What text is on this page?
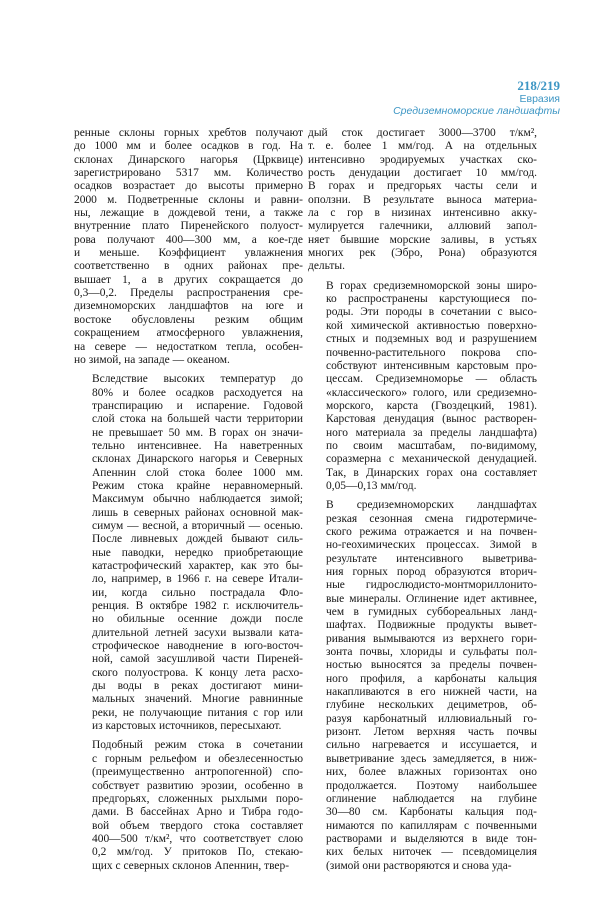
218/219
Евразия
Средиземноморские ландшафты

ренные склоны горных хребтов получают
до 1000 мм и более осадков в год. На
склонах Динарского нагорья (Црквице)
зарегистрировано 5317 мм. Количество
осадков возрастает до высоты примерно
2000 м. Подветренные склоны и равни-
ны, лежащие в дождевой тени, а также
внутренние плато Пиренейского полуост-
рова получают 400—300 мм, а кое-где
и меньше. Коэффициент увлажнения
соответственно в одних районах пре-
вышает 1, а в других сокращается до
0,3—0,2. Пределы распространения сре-
диземноморских ландшафтов на юге и
востоке обусловлены резким общим
сокращением атмосферного увлажнения,
на севере — недостатком тепла, особен-
но зимой, на западе — океаном.

Вследствие высоких температур до
80% и более осадков расходуется на
транспирацию и испарение. Годовой
слой стока на большей части территории
не превышает 50 мм. В горах он значи-
тельно интенсивнее. На наветренных
склонах Динарского нагорья и Северных
Апеннин слой стока более 1000 мм.
Режим стока крайне неравномерный.
Максимум обычно наблюдается зимой;
лишь в северных районах основной мак-
симум — весной, а вторичный — осенью.
После ливневых дождей бывают силь-
ные паводки, нередко приобретающие
катастрофический характер, как это бы-
ло, например, в 1966 г. на севере Итали-
ии, когда сильно пострадала Фло-
ренция. В октябре 1982 г. исключитель-
но обильные осенние дожди после
длительной летней засухи вызвали ката-
строфическое наводнение в юго-восточ-
ной, самой засушливой части Пиреней-
ского полуострова. К концу лета расхо-
ды воды в реках достигают мини-
мальных значений. Многие равнинные
реки, не получающие питания с гор или
из карстовых источников, пересыхают.

Подобный режим стока в сочетании
с горным рельефом и обезлесенностью
(преимущественно антропогенной) спо-
собствует развитию эрозии, особенно в
предгорьях, сложенных рыхлыми поро-
дами. В бассейнах Арно и Тибра годо-
вой объем твердого стока составляет
400—500 т/км², что соответствует слою
0,2 мм/год. У притоков По, стекаю-
щих с северных склонов Апеннин, твер-

дый сток достигает 3000—3700 т/км²,
т. е. более 1 мм/год. А на отдельных
интенсивно эродируемых участках ско-
рость денудации достигает 10 мм/год.
В горах и предгорьях часты сели и
оползни. В результате выноса материа-
ла с гор в низинах интенсивно акку-
мулируется галечники, аллювий запол-
няет бывшие морские заливы, в устьях
многих рек (Эбро, Рона) образуются
дельты.

В горах средиземноморской зоны широ-
ко распространены карстующиеся по-
роды. Эти породы в сочетании с высо-
кой химической активностью поверхно-
стных и подземных вод и разрушением
почвенно-растительного покрова спо-
собствуют интенсивным карстовым про-
цессам. Средиземноморье — область
«классического» голого, или средиземно-
морского, карста (Гвоздецкий, 1981).
Карстовая денудация (вынос растворен-
ного материала за пределы ландшафта)
по своим масштабам, по-видимому,
соразмерна с механической денудацией.
Так, в Динарских горах она составляет
0,05—0,13 мм/год.

В средиземноморских ландшафтах
резкая сезонная смена гидротермиче-
ского режима отражается и на почвен-
но-геохимических процессах. Зимой в
результате интенсивного выветрива-
ния горных пород образуются вторич-
ные гидрослюдисто-монтмориллонито-
вые минералы. Оглинение идет активнее,
чем в гумидных суббореальных ланд-
шафтах. Подвижные продукты вывет-
ривания вымываются из верхнего гори-
зонта почвы, хлориды и сульфаты пол-
ностью выносятся за пределы почвен-
ного профиля, а карбонаты кальция
накапливаются в его нижней части, на
глубине нескольких дециметров, об-
разуя карбонатный иллювиальный го-
ризонт. Летом верхняя часть почвы
сильно нагревается и иссушается, и
выветривание здесь замедляется, в ниж-
них, более влажных горизонтах оно
продолжается. Поэтому наибольшее
оглинение наблюдается на глубине
30—80 см. Карбонаты кальция под-
нимаются по капиллярам с почвенными
растворами и выделяются в виде тон-
ких белых ниточек — псевдомицелия
(зимой они растворяются и снова уда-
